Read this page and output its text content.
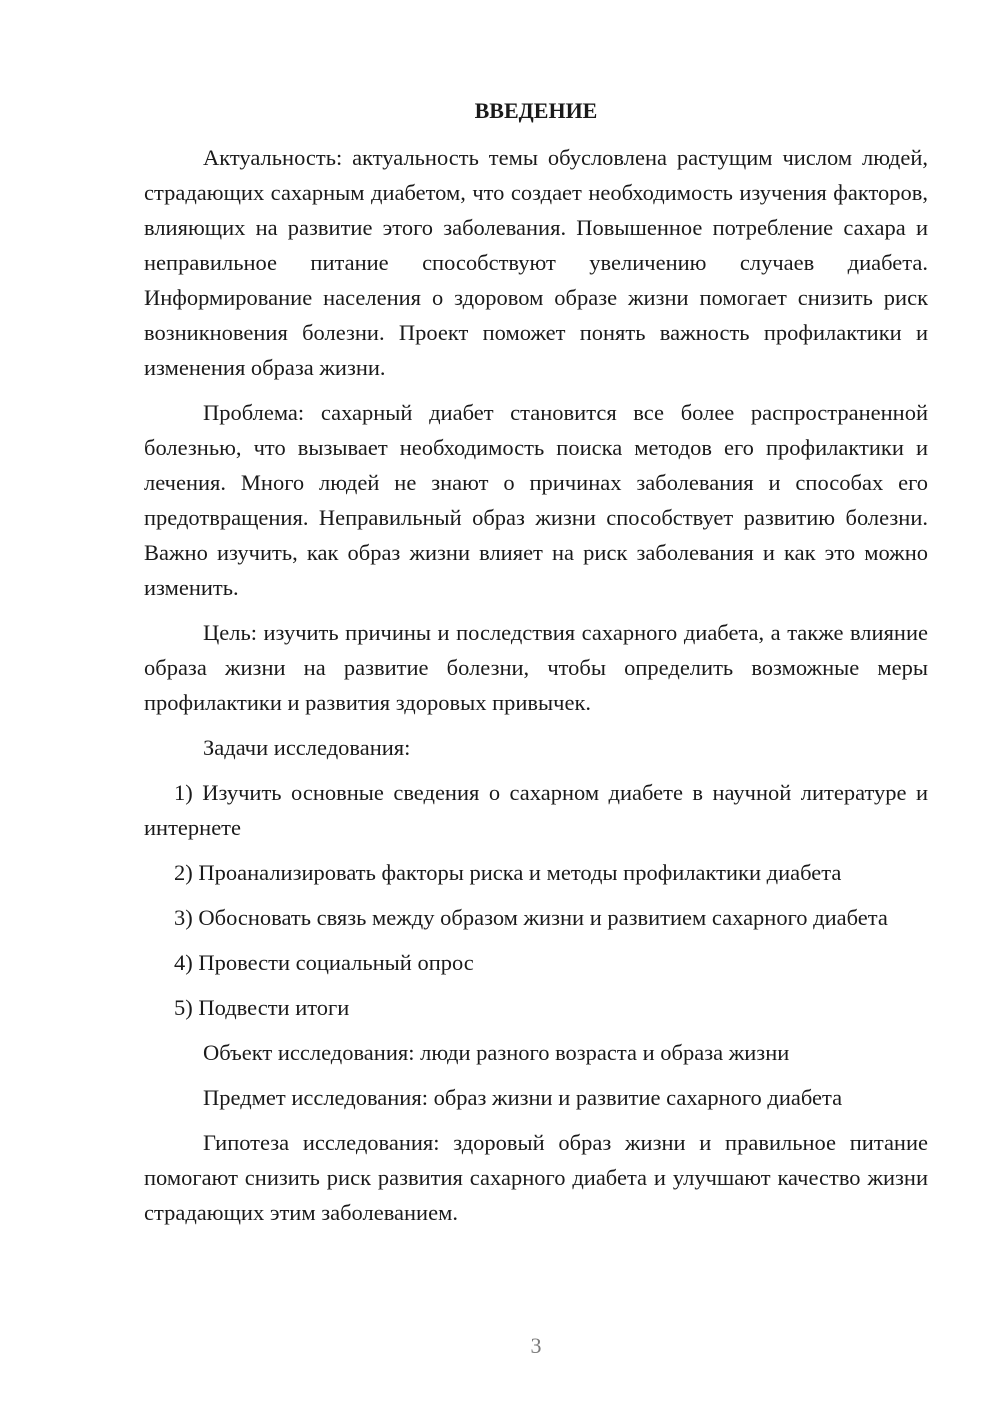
ВВЕДЕНИЕ

Актуальность: актуальность темы обусловлена растущим числом людей, страдающих сахарным диабетом, что создает необходимость изучения факторов, влияющих на развитие этого заболевания. Повышенное потребление сахара и неправильное питание способствуют увеличению случаев диабета. Информирование населения о здоровом образе жизни помогает снизить риск возникновения болезни. Проект поможет понять важность профилактики и изменения образа жизни.

Проблема: сахарный диабет становится все более распространенной болезнью, что вызывает необходимость поиска методов его профилактики и лечения. Много людей не знают о причинах заболевания и способах его предотвращения. Неправильный образ жизни способствует развитию болезни. Важно изучить, как образ жизни влияет на риск заболевания и как это можно изменить.

Цель: изучить причины и последствия сахарного диабета, а также влияние образа жизни на развитие болезни, чтобы определить возможные меры профилактики и развития здоровых привычек.

Задачи исследования:

1) Изучить основные сведения о сахарном диабете в научной литературе и интернете

2) Проанализировать факторы риска и методы профилактики диабета

3) Обосновать связь между образом жизни и развитием сахарного диабета

4) Провести социальный опрос

5) Подвести итоги

Объект исследования: люди разного возраста и образа жизни

Предмет исследования: образ жизни и развитие сахарного диабета

Гипотеза исследования: здоровый образ жизни и правильное питание помогают снизить риск развития сахарного диабета и улучшают качество жизни страдающих этим заболеванием.

3
